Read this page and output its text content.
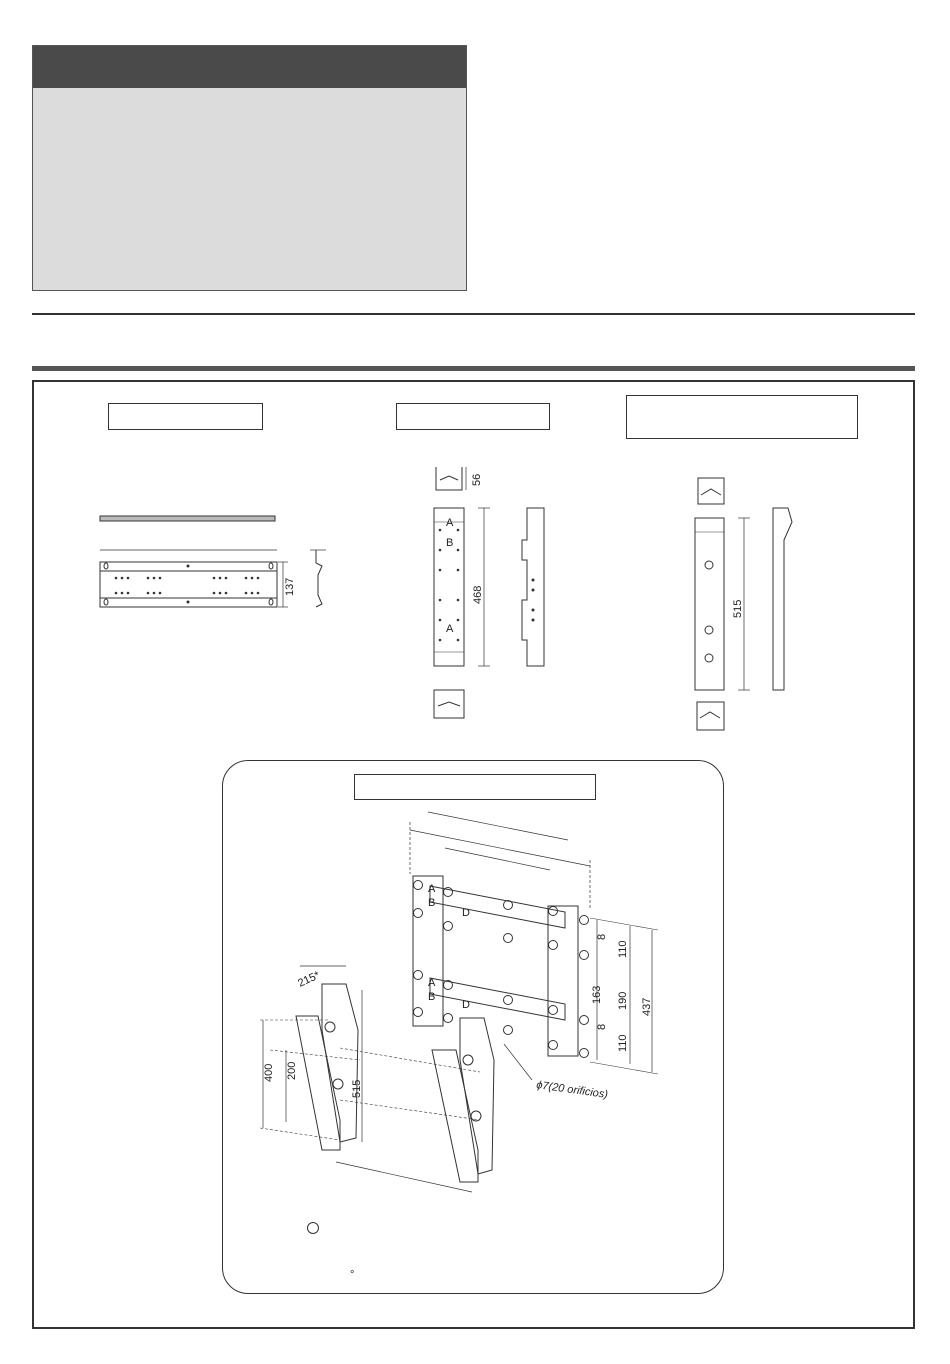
137
56
468
A
B
A
515
A
D
B
A
D
B
8
110
163 190 437
8
110
215*
400 200
515	ϕ7(20 orificios)
°
